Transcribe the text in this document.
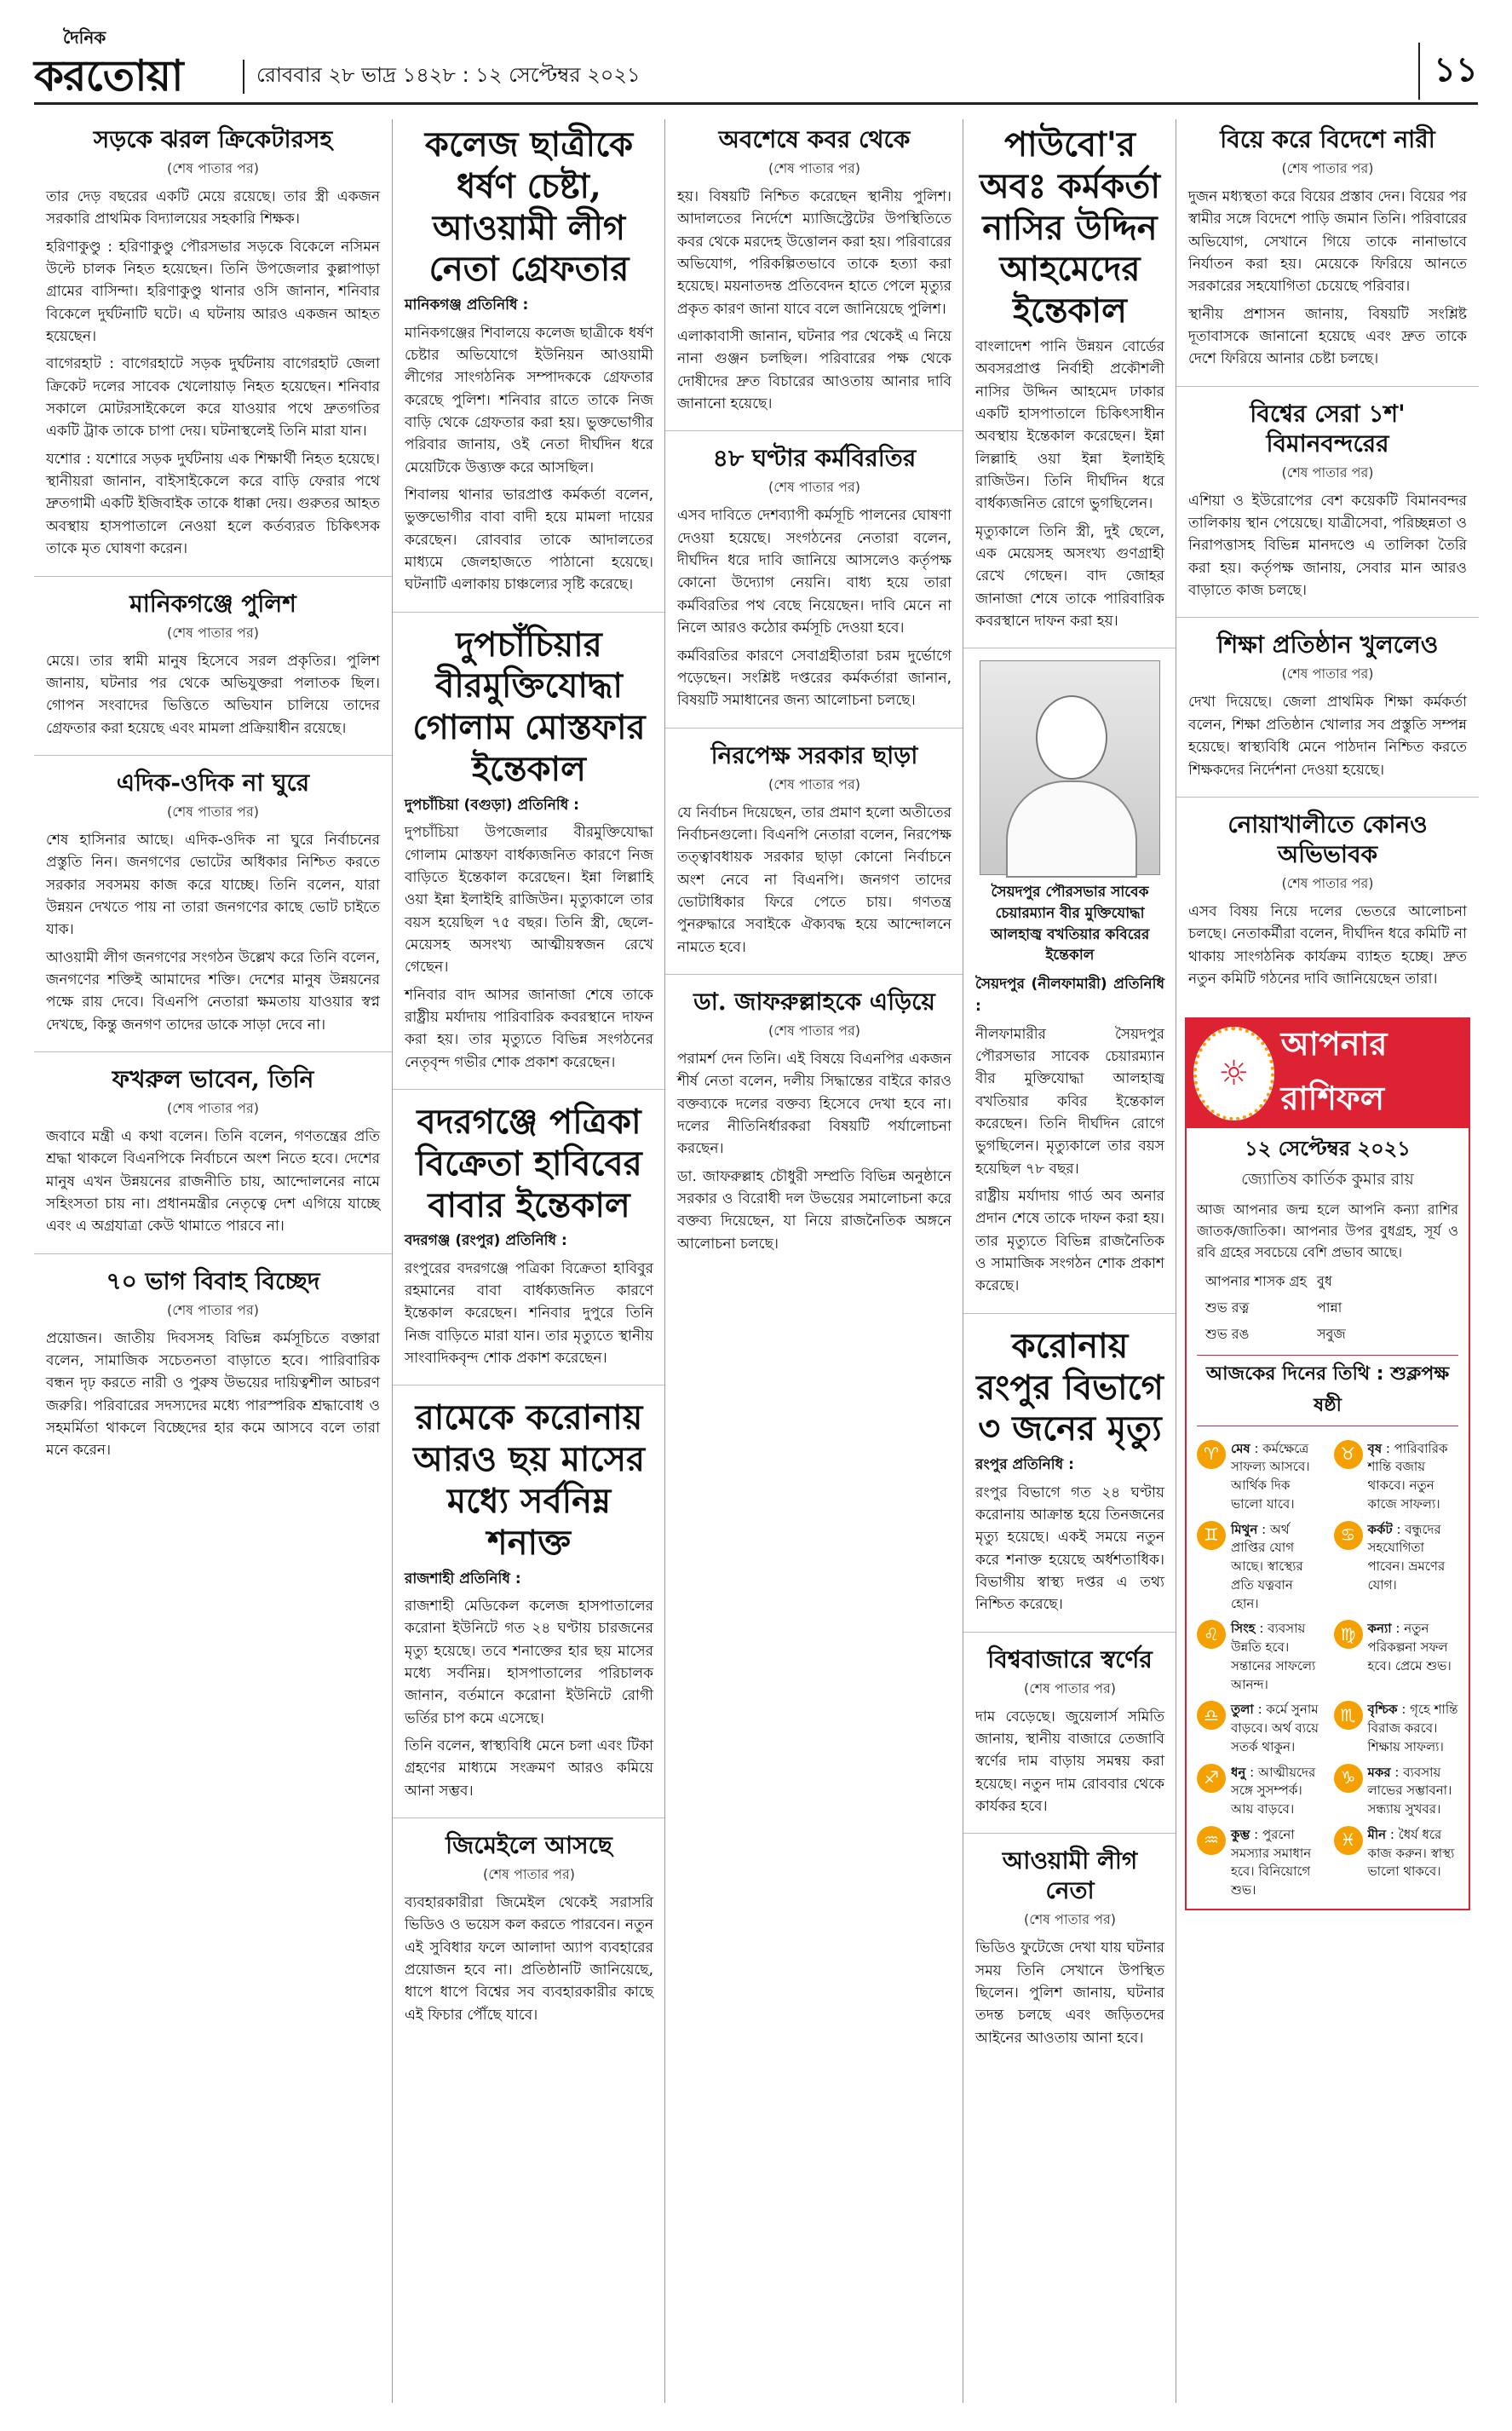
দৈনিক
করতোয়া	রোববার ২৮ ভাদ্র ১৪২৮ : ১২ সেপ্টেম্বর ২০২১	১১
সড়কে ঝরল ক্রিকেটারসহ
(শেষ পাতার পর)

তার দেড় বছরের একটি মেয়ে রয়েছে। তার স্ত্রী একজন সরকারি প্রাথমিক বিদ্যালয়ের সহকারি শিক্ষক।

হরিণাকুণ্ডু : হরিণাকুণ্ডু পৌরসভার সড়কে বিকেলে নসিমন উল্টে চালক নিহত হয়েছেন। তিনি উপজেলার কুল্লাপাড়া গ্রামের বাসিন্দা। হরিণাকুণ্ডু থানার ওসি জানান, শনিবার বিকেলে দুর্ঘটনাটি ঘটে। এ ঘটনায় আরও একজন আহত হয়েছেন।

বাগেরহাট : বাগেরহাটে সড়ক দুর্ঘটনায় বাগেরহাট জেলা ক্রিকেট দলের সাবেক খেলোয়াড় নিহত হয়েছেন। শনিবার সকালে মোটরসাইকেলে করে যাওয়ার পথে দ্রুতগতির একটি ট্রাক তাকে চাপা দেয়। ঘটনাস্থলেই তিনি মারা যান।

যশোর : যশোরে সড়ক দুর্ঘটনায় এক শিক্ষার্থী নিহত হয়েছে। স্থানীয়রা জানান, বাইসাইকেলে করে বাড়ি ফেরার পথে দ্রুতগামী একটি ইজিবাইক তাকে ধাক্কা দেয়। গুরুতর আহত অবস্থায় হাসপাতালে নেওয়া হলে কর্তব্যরত চিকিৎসক তাকে মৃত ঘোষণা করেন।

মানিকগঞ্জে পুলিশ
(শেষ পাতার পর)

মেয়ে। তার স্বামী মানুষ হিসেবে সরল প্রকৃতির। পুলিশ জানায়, ঘটনার পর থেকে অভিযুক্তরা পলাতক ছিল। গোপন সংবাদের ভিত্তিতে অভিযান চালিয়ে তাদের গ্রেফতার করা হয়েছে এবং মামলা প্রক্রিয়াধীন রয়েছে।

এদিক-ওদিক না ঘুরে
(শেষ পাতার পর)

শেষ হাসিনার আছে। এদিক-ওদিক না ঘুরে নির্বাচনের প্রস্তুতি নিন। জনগণের ভোটের অধিকার নিশ্চিত করতে সরকার সবসময় কাজ করে যাচ্ছে। তিনি বলেন, যারা উন্নয়ন দেখতে পায় না তারা জনগণের কাছে ভোট চাইতে যাক।

আওয়ামী লীগ জনগণের সংগঠন উল্লেখ করে তিনি বলেন, জনগণের শক্তিই আমাদের শক্তি। দেশের মানুষ উন্নয়নের পক্ষে রায় দেবে। বিএনপি নেতারা ক্ষমতায় যাওয়ার স্বপ্ন দেখছে, কিন্তু জনগণ তাদের ডাকে সাড়া দেবে না।

ফখরুল ভাবেন, তিনি
(শেষ পাতার পর)

জবাবে মন্ত্রী এ কথা বলেন। তিনি বলেন, গণতন্ত্রের প্রতি শ্রদ্ধা থাকলে বিএনপিকে নির্বাচনে অংশ নিতে হবে। দেশের মানুষ এখন উন্নয়নের রাজনীতি চায়, আন্দোলনের নামে সহিংসতা চায় না। প্রধানমন্ত্রীর নেতৃত্বে দেশ এগিয়ে যাচ্ছে এবং এ অগ্রযাত্রা কেউ থামাতে পারবে না।

৭০ ভাগ বিবাহ বিচ্ছেদ
(শেষ পাতার পর)

প্রয়োজন। জাতীয় দিবসসহ বিভিন্ন কর্মসূচিতে বক্তারা বলেন, সামাজিক সচেতনতা বাড়াতে হবে। পারিবারিক বন্ধন দৃঢ় করতে নারী ও পুরুষ উভয়ের দায়িত্বশীল আচরণ জরুরি। পরিবারের সদস্যদের মধ্যে পারস্পরিক শ্রদ্ধাবোধ ও সহমর্মিতা থাকলে বিচ্ছেদের হার কমে আসবে বলে তারা মনে করেন।

কলেজ ছাত্রীকে ধর্ষণ চেষ্টা, আওয়ামী লীগ নেতা গ্রেফতার

মানিকগঞ্জ প্রতিনিধি :

মানিকগঞ্জের শিবালয়ে কলেজ ছাত্রীকে ধর্ষণ চেষ্টার অভিযোগে ইউনিয়ন আওয়ামী লীগের সাংগঠনিক সম্পাদককে গ্রেফতার করেছে পুলিশ। শনিবার রাতে তাকে নিজ বাড়ি থেকে গ্রেফতার করা হয়। ভুক্তভোগীর পরিবার জানায়, ওই নেতা দীর্ঘদিন ধরে মেয়েটিকে উত্ত্যক্ত করে আসছিল।

শিবালয় থানার ভারপ্রাপ্ত কর্মকর্তা বলেন, ভুক্তভোগীর বাবা বাদী হয়ে মামলা দায়ের করেছেন। রোববার তাকে আদালতের মাধ্যমে জেলহাজতে পাঠানো হয়েছে। ঘটনাটি এলাকায় চাঞ্চল্যের সৃষ্টি করেছে।

দুপচাঁচিয়ার বীরমুক্তিযোদ্ধা গোলাম মোস্তফার ইন্তেকাল

দুপচাঁচিয়া (বগুড়া) প্রতিনিধি :

দুপচাঁচিয়া উপজেলার বীরমুক্তিযোদ্ধা গোলাম মোস্তফা বার্ধক্যজনিত কারণে নিজ বাড়িতে ইন্তেকাল করেছেন। ইন্না লিল্লাহি ওয়া ইন্না ইলাইহি রাজিউন। মৃত্যুকালে তার বয়স হয়েছিল ৭৫ বছর। তিনি স্ত্রী, ছেলে-মেয়েসহ অসংখ্য আত্মীয়স্বজন রেখে গেছেন।

শনিবার বাদ আসর জানাজা শেষে তাকে রাষ্ট্রীয় মর্যাদায় পারিবারিক কবরস্থানে দাফন করা হয়। তার মৃত্যুতে বিভিন্ন সংগঠনের নেতৃবৃন্দ গভীর শোক প্রকাশ করেছেন।

বদরগঞ্জে পত্রিকা বিক্রেতা হাবিবের বাবার ইন্তেকাল

বদরগঞ্জ (রংপুর) প্রতিনিধি :

রংপুরের বদরগঞ্জে পত্রিকা বিক্রেতা হাবিবুর রহমানের বাবা বার্ধক্যজনিত কারণে ইন্তেকাল করেছেন। শনিবার দুপুরে তিনি নিজ বাড়িতে মারা যান। তার মৃত্যুতে স্থানীয় সাংবাদিকবৃন্দ শোক প্রকাশ করেছেন।

রামেকে করোনায় আরও ছয় মাসের মধ্যে সর্বনিম্ন শনাক্ত

রাজশাহী প্রতিনিধি :

রাজশাহী মেডিকেল কলেজ হাসপাতালের করোনা ইউনিটে গত ২৪ ঘণ্টায় চারজনের মৃত্যু হয়েছে। তবে শনাক্তের হার ছয় মাসের মধ্যে সর্বনিম্ন। হাসপাতালের পরিচালক জানান, বর্তমানে করোনা ইউনিটে রোগী ভর্তির চাপ কমে এসেছে।

তিনি বলেন, স্বাস্থ্যবিধি মেনে চলা এবং টিকা গ্রহণের মাধ্যমে সংক্রমণ আরও কমিয়ে আনা সম্ভব।

জিমেইলে আসছে
(শেষ পাতার পর)

ব্যবহারকারীরা জিমেইল থেকেই সরাসরি ভিডিও ও ভয়েস কল করতে পারবেন। নতুন এই সুবিধার ফলে আলাদা অ্যাপ ব্যবহারের প্রয়োজন হবে না। প্রতিষ্ঠানটি জানিয়েছে, ধাপে ধাপে বিশ্বের সব ব্যবহারকারীর কাছে এই ফিচার পৌঁছে যাবে।

অবশেষে কবর থেকে
(শেষ পাতার পর)

হয়। বিষয়টি নিশ্চিত করেছেন স্থানীয় পুলিশ। আদালতের নির্দেশে ম্যাজিস্ট্রেটের উপস্থিতিতে কবর থেকে মরদেহ উত্তোলন করা হয়। পরিবারের অভিযোগ, পরিকল্পিতভাবে তাকে হত্যা করা হয়েছে। ময়নাতদন্ত প্রতিবেদন হাতে পেলে মৃত্যুর প্রকৃত কারণ জানা যাবে বলে জানিয়েছে পুলিশ।

এলাকাবাসী জানান, ঘটনার পর থেকেই এ নিয়ে নানা গুঞ্জন চলছিল। পরিবারের পক্ষ থেকে দোষীদের দ্রুত বিচারের আওতায় আনার দাবি জানানো হয়েছে।

৪৮ ঘণ্টার কর্মবিরতির
(শেষ পাতার পর)

এসব দাবিতে দেশব্যাপী কর্মসূচি পালনের ঘোষণা দেওয়া হয়েছে। সংগঠনের নেতারা বলেন, দীর্ঘদিন ধরে দাবি জানিয়ে আসলেও কর্তৃপক্ষ কোনো উদ্যোগ নেয়নি। বাধ্য হয়ে তারা কর্মবিরতির পথ বেছে নিয়েছেন। দাবি মেনে না নিলে আরও কঠোর কর্মসূচি দেওয়া হবে।

কর্মবিরতির কারণে সেবাগ্রহীতারা চরম দুর্ভোগে পড়েছেন। সংশ্লিষ্ট দপ্তরের কর্মকর্তারা জানান, বিষয়টি সমাধানের জন্য আলোচনা চলছে।

নিরপেক্ষ সরকার ছাড়া
(শেষ পাতার পর)

যে নির্বাচন দিয়েছেন, তার প্রমাণ হলো অতীতের নির্বাচনগুলো। বিএনপি নেতারা বলেন, নিরপেক্ষ তত্ত্বাবধায়ক সরকার ছাড়া কোনো নির্বাচনে অংশ নেবে না বিএনপি। জনগণ তাদের ভোটাধিকার ফিরে পেতে চায়। গণতন্ত্র পুনরুদ্ধারে সবাইকে ঐক্যবদ্ধ হয়ে আন্দোলনে নামতে হবে।

ডা. জাফরুল্লাহকে এড়িয়ে
(শেষ পাতার পর)

পরামর্শ দেন তিনি। এই বিষয়ে বিএনপির একজন শীর্ষ নেতা বলেন, দলীয় সিদ্ধান্তের বাইরে কারও বক্তব্যকে দলের বক্তব্য হিসেবে দেখা হবে না। দলের নীতিনির্ধারকরা বিষয়টি পর্যালোচনা করছেন।

ডা. জাফরুল্লাহ চৌধুরী সম্প্রতি বিভিন্ন অনুষ্ঠানে সরকার ও বিরোধী দল উভয়ের সমালোচনা করে বক্তব্য দিয়েছেন, যা নিয়ে রাজনৈতিক অঙ্গনে আলোচনা চলছে।

পাউবো'র অবঃ কর্মকর্তা নাসির উদ্দিন আহমেদের ইন্তেকাল

বাংলাদেশ পানি উন্নয়ন বোর্ডের অবসরপ্রাপ্ত নির্বাহী প্রকৌশলী নাসির উদ্দিন আহমেদ ঢাকার একটি হাসপাতালে চিকিৎসাধীন অবস্থায় ইন্তেকাল করেছেন। ইন্না লিল্লাহি ওয়া ইন্না ইলাইহি রাজিউন। তিনি দীর্ঘদিন ধরে বার্ধক্যজনিত রোগে ভুগছিলেন।

মৃত্যুকালে তিনি স্ত্রী, দুই ছেলে, এক মেয়েসহ অসংখ্য গুণগ্রাহী রেখে গেছেন। বাদ জোহর জানাজা শেষে তাকে পারিবারিক কবরস্থানে দাফন করা হয়।

সৈয়দপুর পৌরসভার সাবেক চেয়ারম্যান বীর মুক্তিযোদ্ধা আলহাজ্ব বখতিয়ার কবিরের ইন্তেকাল

সৈয়দপুর (নীলফামারী) প্রতিনিধি :

নীলফামারীর সৈয়দপুর পৌরসভার সাবেক চেয়ারম্যান বীর মুক্তিযোদ্ধা আলহাজ্ব বখতিয়ার কবির ইন্তেকাল করেছেন। তিনি দীর্ঘদিন রোগে ভুগছিলেন। মৃত্যুকালে তার বয়স হয়েছিল ৭৮ বছর।

রাষ্ট্রীয় মর্যাদায় গার্ড অব অনার প্রদান শেষে তাকে দাফন করা হয়। তার মৃত্যুতে বিভিন্ন রাজনৈতিক ও সামাজিক সংগঠন শোক প্রকাশ করেছে।

করোনায় রংপুর বিভাগে ৩ জনের মৃত্যু

রংপুর প্রতিনিধি :

রংপুর বিভাগে গত ২৪ ঘণ্টায় করোনায় আক্রান্ত হয়ে তিনজনের মৃত্যু হয়েছে। একই সময়ে নতুন করে শনাক্ত হয়েছে অর্ধশতাধিক। বিভাগীয় স্বাস্থ্য দপ্তর এ তথ্য নিশ্চিত করেছে।

বিশ্ববাজারে স্বর্ণের
(শেষ পাতার পর)

দাম বেড়েছে। জুয়েলার্স সমিতি জানায়, স্থানীয় বাজারে তেজাবি স্বর্ণের দাম বাড়ায় সমন্বয় করা হয়েছে। নতুন দাম রোববার থেকে কার্যকর হবে।

আওয়ামী লীগ নেতা
(শেষ পাতার পর)

ভিডিও ফুটেজে দেখা যায় ঘটনার সময় তিনি সেখানে উপস্থিত ছিলেন। পুলিশ জানায়, ঘটনার তদন্ত চলছে এবং জড়িতদের আইনের আওতায় আনা হবে।

বিয়ে করে বিদেশে নারী
(শেষ পাতার পর)

দুজন মধ্যস্থতা করে বিয়ের প্রস্তাব দেন। বিয়ের পর স্বামীর সঙ্গে বিদেশে পাড়ি জমান তিনি। পরিবারের অভিযোগ, সেখানে গিয়ে তাকে নানাভাবে নির্যাতন করা হয়। মেয়েকে ফিরিয়ে আনতে সরকারের সহযোগিতা চেয়েছে পরিবার।

স্থানীয় প্রশাসন জানায়, বিষয়টি সংশ্লিষ্ট দূতাবাসকে জানানো হয়েছে এবং দ্রুত তাকে দেশে ফিরিয়ে আনার চেষ্টা চলছে।

বিশ্বের সেরা ১শ' বিমানবন্দরের
(শেষ পাতার পর)

এশিয়া ও ইউরোপের বেশ কয়েকটি বিমানবন্দর তালিকায় স্থান পেয়েছে। যাত্রীসেবা, পরিচ্ছন্নতা ও নিরাপত্তাসহ বিভিন্ন মানদণ্ডে এ তালিকা তৈরি করা হয়। কর্তৃপক্ষ জানায়, সেবার মান আরও বাড়াতে কাজ চলছে।

শিক্ষা প্রতিষ্ঠান খুললেও
(শেষ পাতার পর)

দেখা দিয়েছে। জেলা প্রাথমিক শিক্ষা কর্মকর্তা বলেন, শিক্ষা প্রতিষ্ঠান খোলার সব প্রস্তুতি সম্পন্ন হয়েছে। স্বাস্থ্যবিধি মেনে পাঠদান নিশ্চিত করতে শিক্ষকদের নির্দেশনা দেওয়া হয়েছে।

নোয়াখালীতে কোনও অভিভাবক
(শেষ পাতার পর)

এসব বিষয় নিয়ে দলের ভেতরে আলোচনা চলছে। নেতাকর্মীরা বলেন, দীর্ঘদিন ধরে কমিটি না থাকায় সাংগঠনিক কার্যক্রম ব্যাহত হচ্ছে। দ্রুত নতুন কমিটি গঠনের দাবি জানিয়েছেন তারা।

☼
আপনার রাশিফল
১২ সেপ্টেম্বর ২০২১
জ্যোতিষ কার্তিক কুমার রায়

আজ আপনার জন্ম হলে আপনি কন্যা রাশির জাতক/জাতিকা। আপনার উপর বুধগ্রহ, সূর্য ও রবি গ্রহের সবচেয়ে বেশি প্রভাব আছে।

আপনার শাসক গ্রহ	বুধ
শুভ রত্ন	পান্না
শুভ রঙ	সবুজ
আজকের দিনের তিথি : শুক্লপক্ষ ষষ্ঠী
♈ মেষ : কর্মক্ষেত্রে সাফল্য আসবে। আর্থিক দিক ভালো যাবে।
♉ বৃষ : পারিবারিক শান্তি বজায় থাকবে। নতুন কাজে সাফল্য।
♊ মিথুন : অর্থ প্রাপ্তির যোগ আছে। স্বাস্থ্যের প্রতি যত্নবান হোন।
♋ কর্কট : বন্ধুদের সহযোগিতা পাবেন। ভ্রমণের যোগ।
♌ সিংহ : ব্যবসায় উন্নতি হবে। সন্তানের সাফল্যে আনন্দ।
♍ কন্যা : নতুন পরিকল্পনা সফল হবে। প্রেমে শুভ।
♎ তুলা : কর্মে সুনাম বাড়বে। অর্থ ব্যয়ে সতর্ক থাকুন।
♏ বৃশ্চিক : গৃহে শান্তি বিরাজ করবে। শিক্ষায় সাফল্য।
♐ ধনু : আত্মীয়দের সঙ্গে সুসম্পর্ক। আয় বাড়বে।
♑ মকর : ব্যবসায় লাভের সম্ভাবনা। সন্ধ্যায় সুখবর।
♒ কুম্ভ : পুরনো সমস্যার সমাধান হবে। বিনিয়োগে শুভ।
♓ মীন : ধৈর্য ধরে কাজ করুন। স্বাস্থ্য ভালো থাকবে।
